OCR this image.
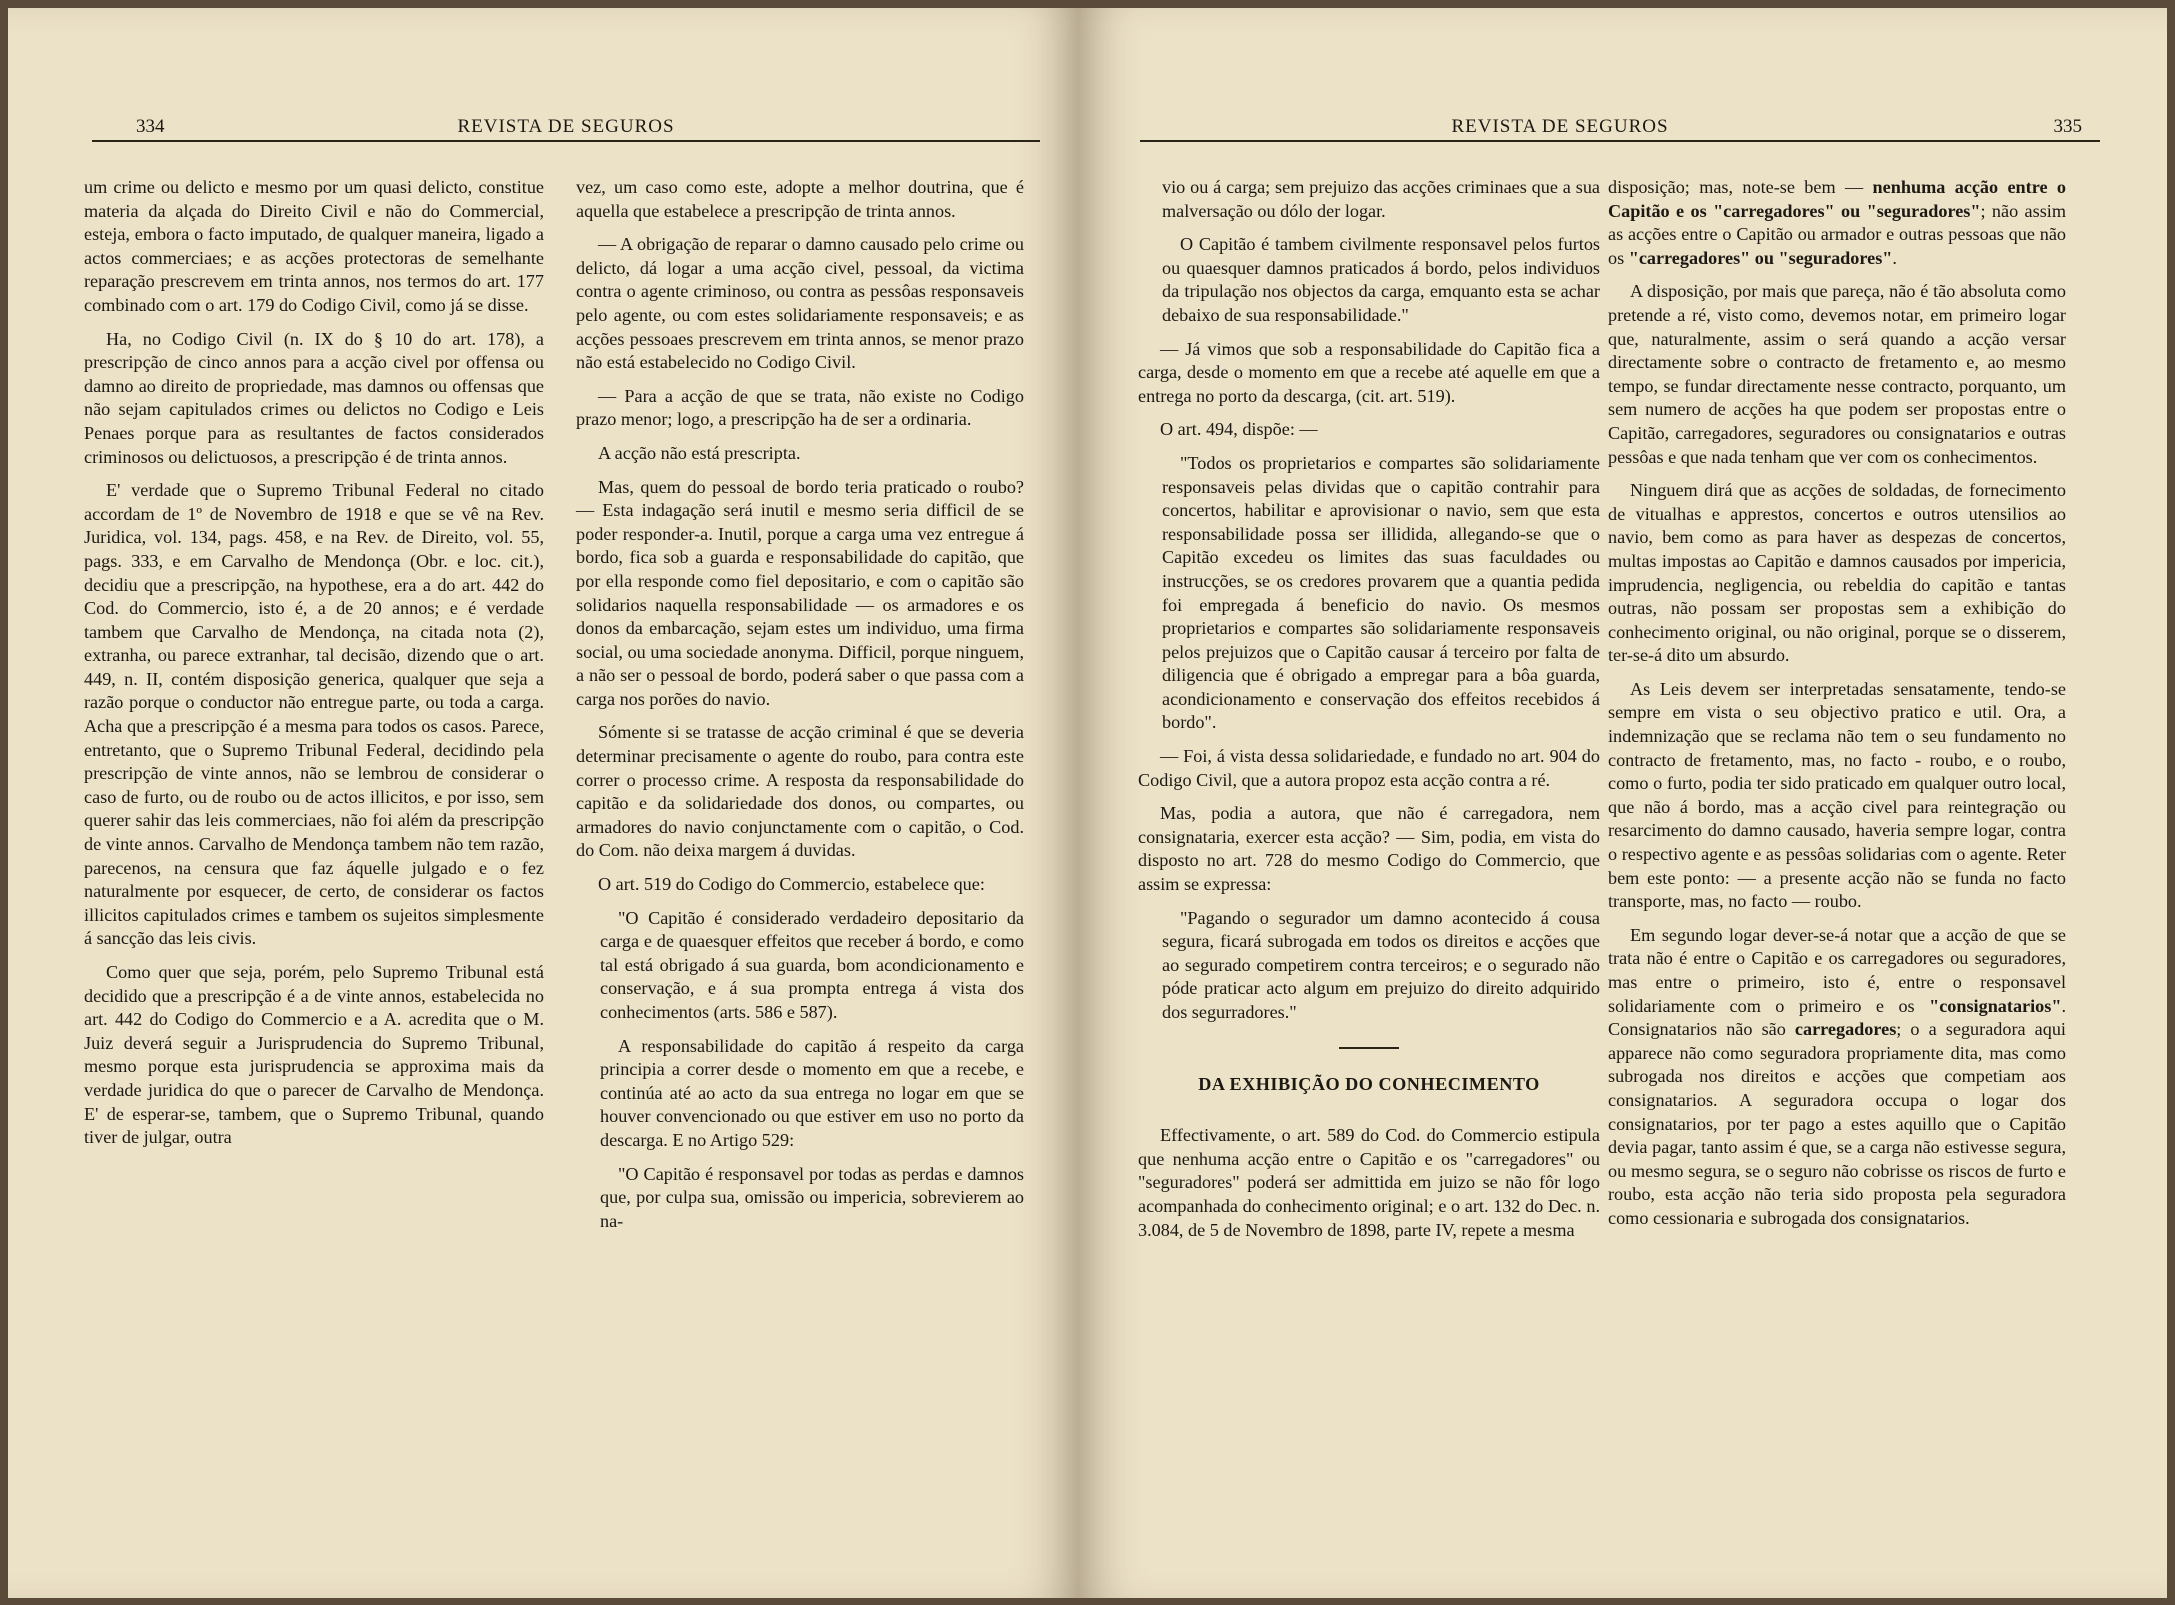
334	REVISTA DE SEGUROS

um crime ou delicto e mesmo por um quasi delicto, constitue materia da alçada do Direito Civil e não do Commercial, esteja, embora o facto imputado, de qualquer maneira, ligado a actos commerciaes; e as acções protectoras de semelhante reparação prescrevem em trinta annos, nos termos do art. 177 combinado com o art. 179 do Codigo Civil, como já se disse.

Ha, no Codigo Civil (n. IX do § 10 do art. 178), a prescripção de cinco annos para a acção civel por offensa ou damno ao direito de propriedade, mas damnos ou offensas que não sejam capitulados crimes ou delictos no Codigo e Leis Penaes porque para as resultantes de factos considerados criminosos ou delictuosos, a prescripção é de trinta annos.

E' verdade que o Supremo Tribunal Federal no citado accordam de 1º de Novembro de 1918 e que se vê na Rev. Juridica, vol. 134, pags. 458, e na Rev. de Direito, vol. 55, pags. 333, e em Carvalho de Mendonça (Obr. e loc. cit.), decidiu que a prescripção, na hypothese, era a do art. 442 do Cod. do Commercio, isto é, a de 20 annos; e é verdade tambem que Carvalho de Mendonça, na citada nota (2), extranha, ou parece extranhar, tal decisão, dizendo que o art. 449, n. II, contém disposição generica, qualquer que seja a razão porque o conductor não entregue parte, ou toda a carga. Acha que a prescripção é a mesma para todos os casos. Parece, entretanto, que o Supremo Tribunal Federal, decidindo pela prescripção de vinte annos, não se lembrou de considerar o caso de furto, ou de roubo ou de actos illicitos, e por isso, sem querer sahir das leis commerciaes, não foi além da prescripção de vinte annos. Carvalho de Mendonça tambem não tem razão, parecenos, na censura que faz áquelle julgado e o fez naturalmente por esquecer, de certo, de considerar os factos illicitos capitulados crimes e tambem os sujeitos simplesmente á sancção das leis civis.

Como quer que seja, porém, pelo Supremo Tribunal está decidido que a prescripção é a de vinte annos, estabelecida no art. 442 do Codigo do Commercio e a A. acredita que o M. Juiz deverá seguir a Jurisprudencia do Supremo Tribunal, mesmo porque esta jurisprudencia se approxima mais da verdade juridica do que o parecer de Carvalho de Mendonça. E' de esperar-se, tambem, que o Supremo Tribunal, quando tiver de julgar, outra

vez, um caso como este, adopte a melhor doutrina, que é aquella que estabelece a prescripção de trinta annos.

— A obrigação de reparar o damno causado pelo crime ou delicto, dá logar a uma acção civel, pessoal, da victima contra o agente criminoso, ou contra as pessôas responsaveis pelo agente, ou com estes solidariamente responsaveis; e as acções pessoaes prescrevem em trinta annos, se menor prazo não está estabelecido no Codigo Civil.

— Para a acção de que se trata, não existe no Codigo prazo menor; logo, a prescripção ha de ser a ordinaria.

A acção não está prescripta.

Mas, quem do pessoal de bordo teria praticado o roubo? — Esta indagação será inutil e mesmo seria difficil de se poder responder-a. Inutil, porque a carga uma vez entregue á bordo, fica sob a guarda e responsabilidade do capitão, que por ella responde como fiel depositario, e com o capitão são solidarios naquella responsabilidade — os armadores e os donos da embarcação, sejam estes um individuo, uma firma social, ou uma sociedade anonyma. Difficil, porque ninguem, a não ser o pessoal de bordo, poderá saber o que passa com a carga nos porões do navio.

Sómente si se tratasse de acção criminal é que se deveria determinar precisamente o agente do roubo, para contra este correr o processo crime. A resposta da responsabilidade do capitão e da solidariedade dos donos, ou compartes, ou armadores do navio conjunctamente com o capitão, o Cod. do Com. não deixa margem á duvidas.

O art. 519 do Codigo do Commercio, estabelece que:

"O Capitão é considerado verdadeiro depositario da carga e de quaesquer effeitos que receber á bordo, e como tal está obrigado á sua guarda, bom acondicionamento e conservação, e á sua prompta entrega á vista dos conhecimentos (arts. 586 e 587).

A responsabilidade do capitão á respeito da carga principia a correr desde o momento em que a recebe, e continúa até ao acto da sua entrega no logar em que se houver convencionado ou que estiver em uso no porto da descarga. E no Artigo 529:

"O Capitão é responsavel por todas as perdas e damnos que, por culpa sua, omissão ou impericia, sobrevierem ao na-

REVISTA DE SEGUROS	335

vio ou á carga; sem prejuizo das acções criminaes que a sua malversação ou dólo der logar.

O Capitão é tambem civilmente responsavel pelos furtos ou quaesquer damnos praticados á bordo, pelos individuos da tripulação nos objectos da carga, emquanto esta se achar debaixo de sua responsabilidade."

— Já vimos que sob a responsabilidade do Capitão fica a carga, desde o momento em que a recebe até aquelle em que a entrega no porto da descarga, (cit. art. 519).

O art. 494, dispõe: —

"Todos os proprietarios e compartes são solidariamente responsaveis pelas dividas que o capitão contrahir para concertos, habilitar e aprovisionar o navio, sem que esta responsabilidade possa ser illidida, allegando-se que o Capitão excedeu os limites das suas faculdades ou instrucções, se os credores provarem que a quantia pedida foi empregada á beneficio do navio. Os mesmos proprietarios e compartes são solidariamente responsaveis pelos prejuizos que o Capitão causar á terceiro por falta de diligencia que é obrigado a empregar para a bôa guarda, acondicionamento e conservação dos effeitos recebidos á bordo".

— Foi, á vista dessa solidariedade, e fundado no art. 904 do Codigo Civil, que a autora propoz esta acção contra a ré.

Mas, podia a autora, que não é carregadora, nem consignataria, exercer esta acção? — Sim, podia, em vista do disposto no art. 728 do mesmo Codigo do Commercio, que assim se expressa:

"Pagando o segurador um damno acontecido á cousa segura, ficará subrogada em todos os direitos e acções que ao segurado competirem contra terceiros; e o segurado não póde praticar acto algum em prejuizo do direito adquirido dos segurradores."

DA EXHIBIÇÃO DO CONHECIMENTO

Effectivamente, o art. 589 do Cod. do Commercio estipula que nenhuma acção entre o Capitão e os "carregadores" ou "seguradores" poderá ser admittida em juizo se não fôr logo acompanhada do conhecimento original; e o art. 132 do Dec. n. 3.084, de 5 de Novembro de 1898, parte IV, repete a mesma

disposição; mas, note-se bem — nenhuma acção entre o Capitão e os "carregadores" ou "seguradores"; não assim as acções entre o Capitão ou armador e outras pessoas que não os "carregadores" ou "seguradores".

A disposição, por mais que pareça, não é tão absoluta como pretende a ré, visto como, devemos notar, em primeiro logar que, naturalmente, assim o será quando a acção versar directamente sobre o contracto de fretamento e, ao mesmo tempo, se fundar directamente nesse contracto, porquanto, um sem numero de acções ha que podem ser propostas entre o Capitão, carregadores, seguradores ou consignatarios e outras pessôas e que nada tenham que ver com os conhecimentos.

Ninguem dirá que as acções de soldadas, de fornecimento de vitualhas e apprestos, concertos e outros utensilios ao navio, bem como as para haver as despezas de concertos, multas impostas ao Capitão e damnos causados por impericia, imprudencia, negligencia, ou rebeldia do capitão e tantas outras, não possam ser propostas sem a exhibição do conhecimento original, ou não original, porque se o disserem, ter-se-á dito um absurdo.

As Leis devem ser interpretadas sensatamente, tendo-se sempre em vista o seu objectivo pratico e util. Ora, a indemnização que se reclama não tem o seu fundamento no contracto de fretamento, mas, no facto - roubo, e o roubo, como o furto, podia ter sido praticado em qualquer outro local, que não á bordo, mas a acção civel para reintegração ou resarcimento do damno causado, haveria sempre logar, contra o respectivo agente e as pessôas solidarias com o agente. Reter bem este ponto: — a presente acção não se funda no facto transporte, mas, no facto — roubo.

Em segundo logar dever-se-á notar que a acção de que se trata não é entre o Capitão e os carregadores ou seguradores, mas entre o primeiro, isto é, entre o responsavel solidariamente com o primeiro e os "consignatarios". Consignatarios não são carregadores; o a seguradora aqui apparece não como seguradora propriamente dita, mas como subrogada nos direitos e acções que competiam aos consignatarios. A seguradora occupa o logar dos consignatarios, por ter pago a estes aquillo que o Capitão devia pagar, tanto assim é que, se a carga não estivesse segura, ou mesmo segura, se o seguro não cobrisse os riscos de furto e roubo, esta acção não teria sido proposta pela seguradora como cessionaria e subrogada dos consignatarios.
